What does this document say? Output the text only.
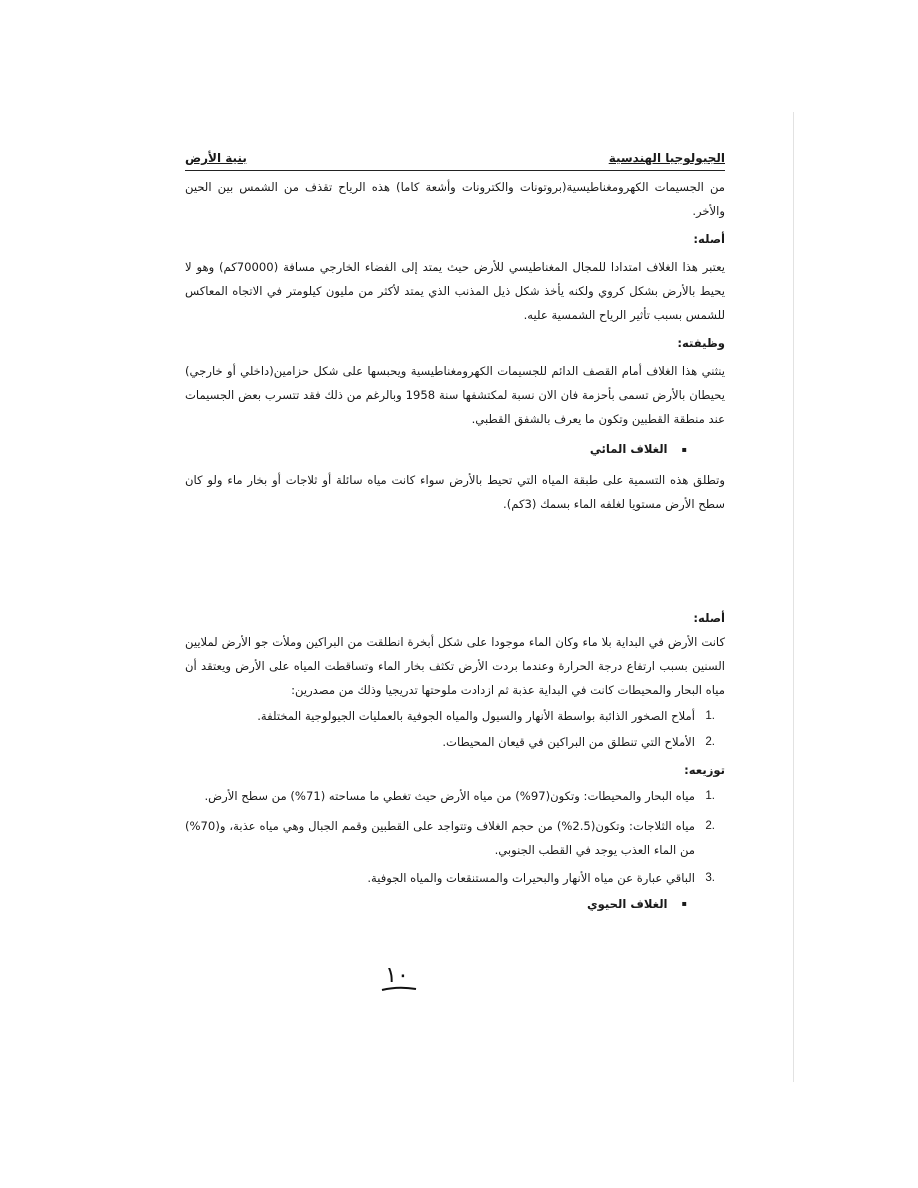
الجيولوجيا الهندسية
بنية الأرض

من الجسيمات الكهرومغناطيسية(بروتونات والكترونات وأشعة كاما) هذه الرياح تقذف من الشمس بين الحين والأخر.

أصله:

يعتبر هذا الغلاف امتدادا للمجال المغناطيسي للأرض حيث يمتد إلى الفضاء الخارجي مسافة (70000كم) وهو لا يحيط بالأرض بشكل كروي ولكنه يأخذ شكل ذيل المذنب الذي يمتد لأكثر من مليون كيلومتر في الاتجاه المعاكس للشمس بسبب تأثير الرياح الشمسية عليه.

وظيفته:

ينثني هذا الغلاف أمام القصف الدائم للجسيمات الكهرومغناطيسية ويحبسها على شكل حزامين(داخلي أو خارجي) يحيطان بالأرض تسمى بأحزمة فان الان نسبة لمكتشفها سنة 1958 وبالرغم من ذلك فقد تتسرب بعض الجسيمات عند منطقة القطبين وتكون ما يعرف بالشفق القطبي.

▪ الغلاف المائي

وتطلق هذه التسمية على طبقة المياه التي تحيط بالأرض سواء كانت مياه سائلة أو ثلاجات أو بخار ماء ولو كان سطح الأرض مستويا لغلفه الماء بسمك (3كم).

أصله:

كانت الأرض في البداية بلا ماء وكان الماء موجودا على شكل أبخرة انطلقت من البراكين وملأت جو الأرض لملايين السنين بسبب ارتفاع درجة الحرارة وعندما بردت الأرض تكثف بخار الماء وتساقطت المياه على الأرض ويعتقد أن مياه البحار والمحيطات كانت في البداية عذبة ثم ازدادت ملوحتها تدريجيا وذلك من مصدرين:

1.
أملاح الصخور الذائبة بواسطة الأنهار والسيول والمياه الجوفية بالعمليات الجيولوجية المختلفة.
2.
الأملاح التي تنطلق من البراكين في قيعان المحيطات.

توزيعه:

1.
مياه البحار والمحيطات: وتكون(97%) من مياه الأرض حيث تغطي ما مساحته (71%) من سطح الأرض.
2.
مياه الثلاجات: وتكون(2.5%) من حجم الغلاف وتتواجد على القطبين وقمم الجبال وهي مياه عذبة، و(70%) من الماء العذب يوجد في القطب الجنوبي.
3.
الباقي عبارة عن مياه الأنهار والبحيرات والمستنقعات والمياه الجوفية.

▪ الغلاف الحيوي

١٠
